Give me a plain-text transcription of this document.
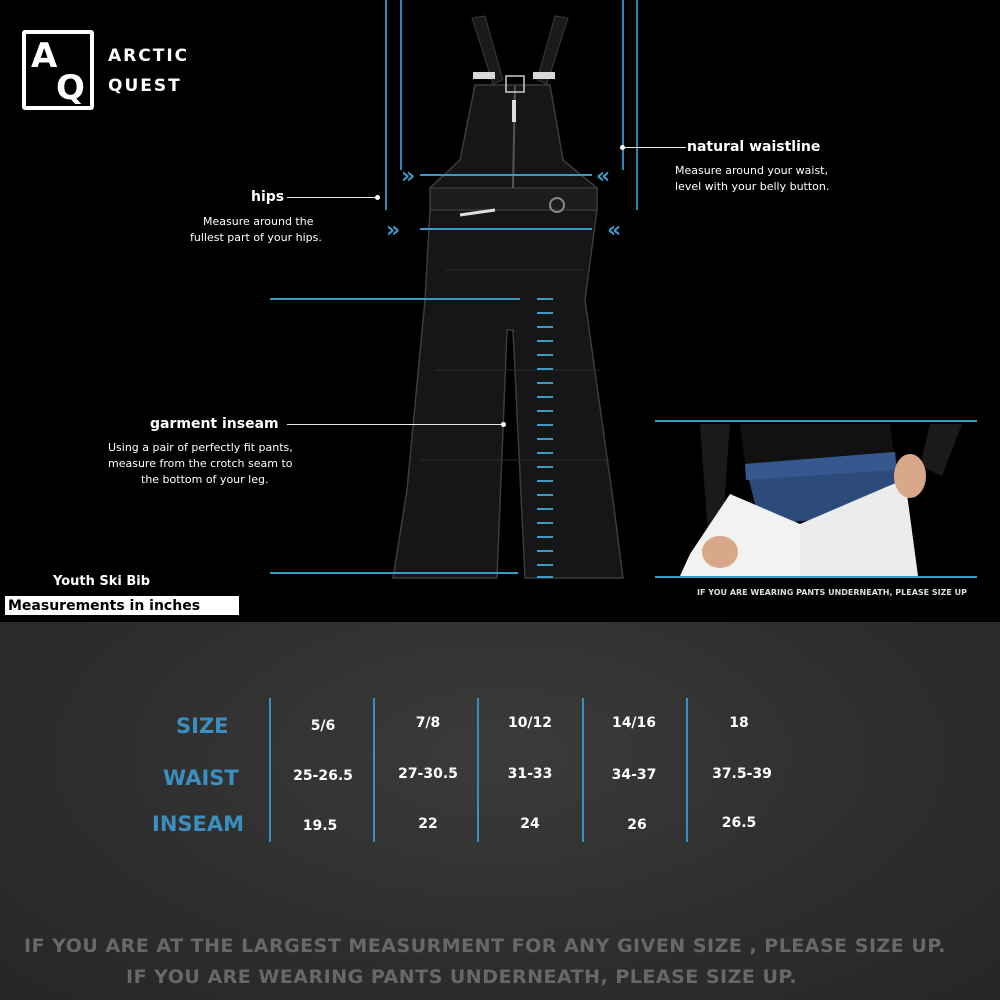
A
Q
ARCTIC
QUEST
»	«
»	«
natural waistline
Measure around your waist,
level with your belly button.
hips
Measure around the
fullest part of your hips.
garment inseam
Using a pair of perfectly fit pants,
measure from the crotch seam to
the bottom of your leg.
IF YOU ARE WEARING PANTS UNDERNEATH, PLEASE SIZE UP
Youth Ski Bib
Measurements in inches
SIZE
WAIST
INSEAM
5/6
25-26.5
19.5
7/8
27-30.5
22
10/12
31-33
24
14/16
34-37
26
18
37.5-39
26.5
IF YOU ARE AT THE LARGEST MEASURMENT FOR ANY GIVEN SIZE , PLEASE SIZE UP.
IF YOU ARE WEARING PANTS UNDERNEATH, PLEASE SIZE UP.
